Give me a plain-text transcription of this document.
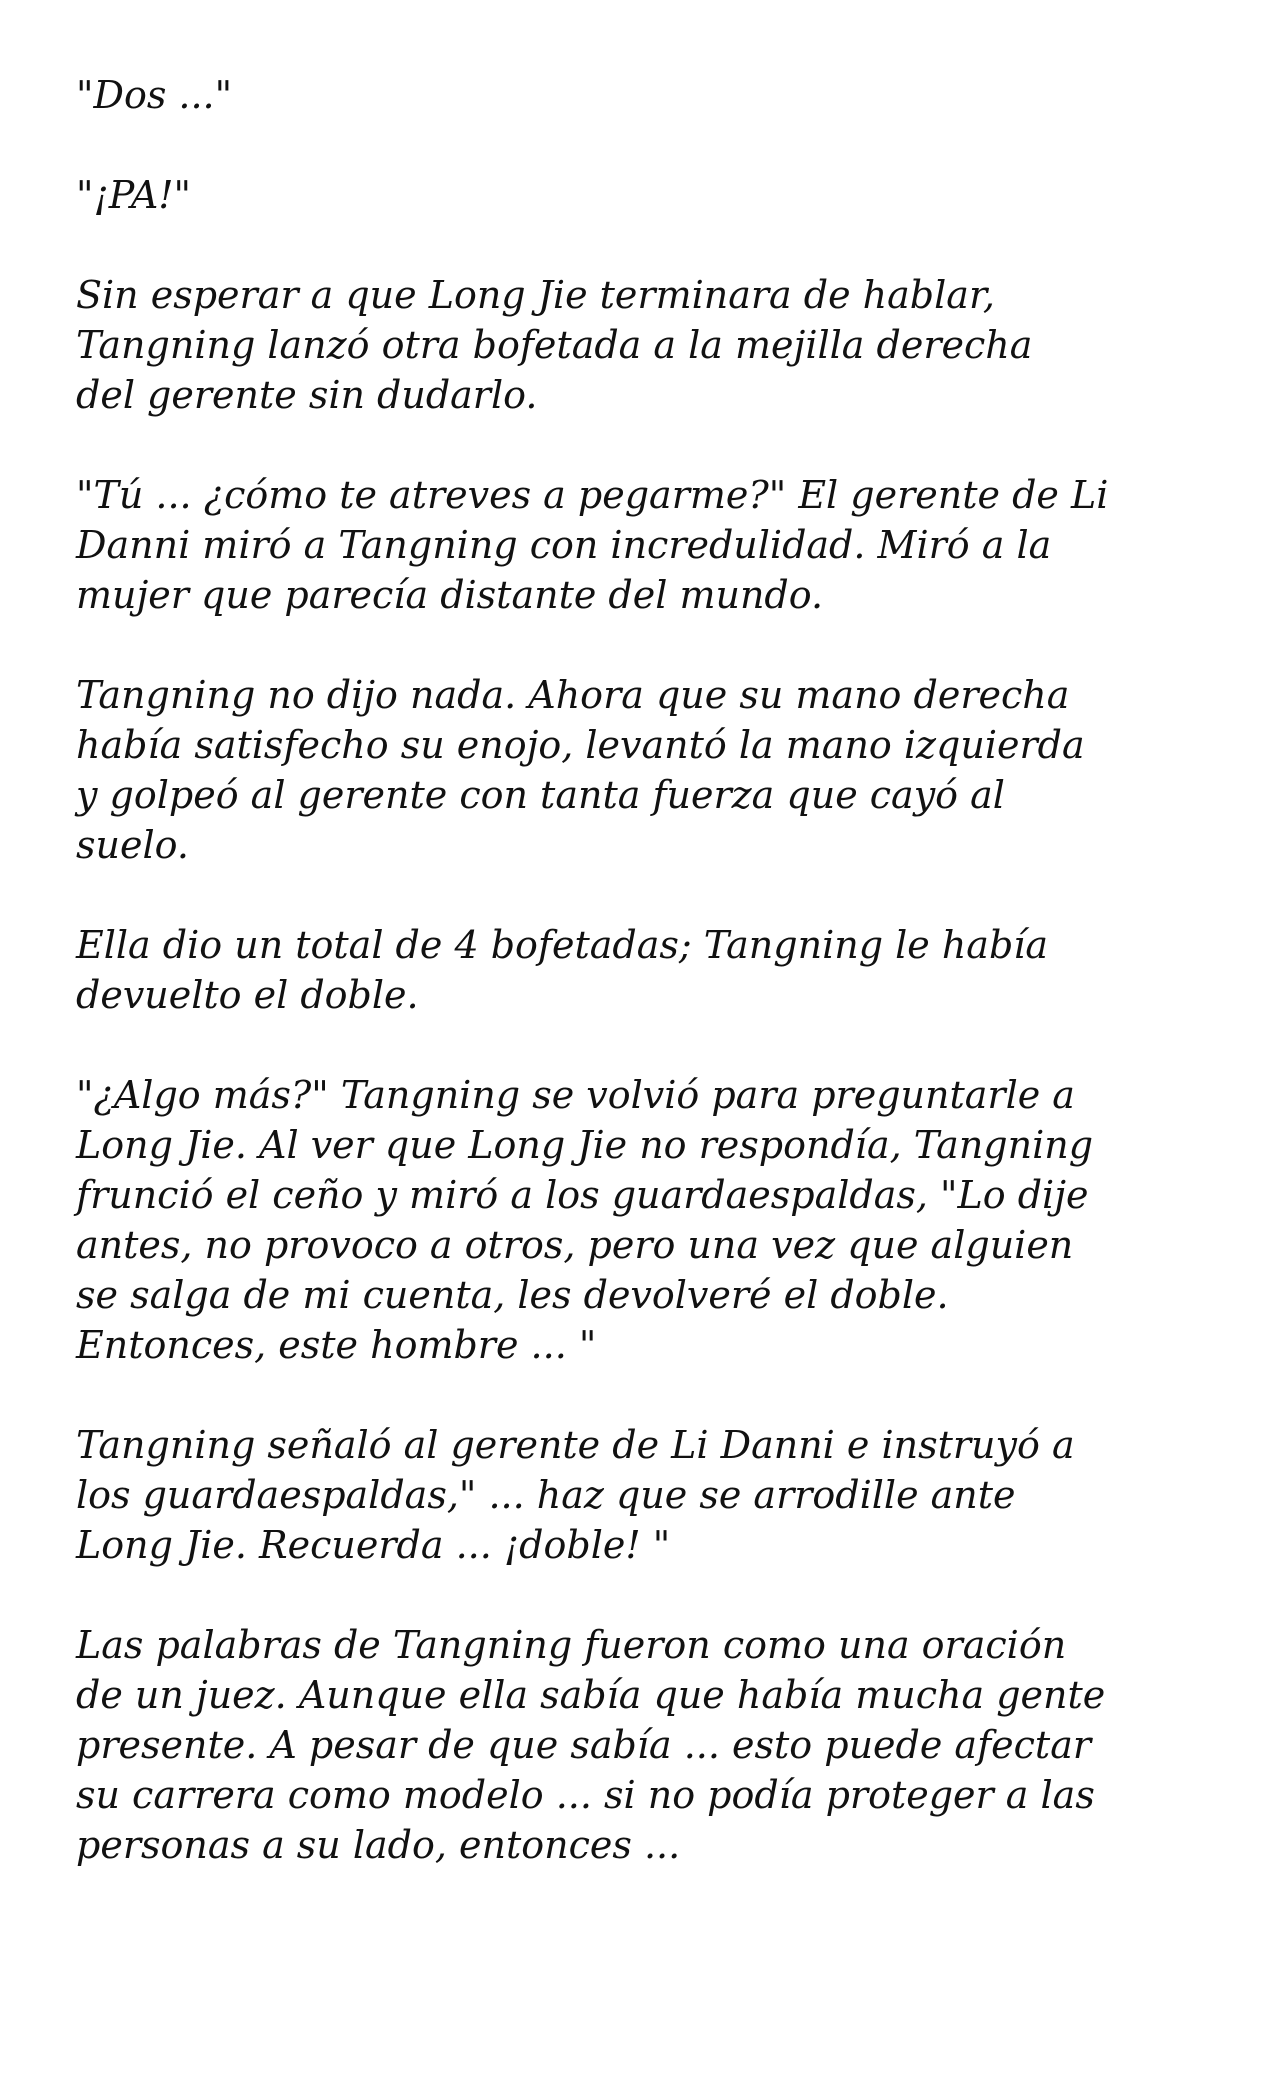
"Dos ..."

"¡PA!"

Sin esperar a que Long Jie terminara de hablar,
Tangning lanzó otra bofetada a la mejilla derecha
del gerente sin dudarlo.

"Tú ... ¿cómo te atreves a pegarme?" El gerente de Li
Danni miró a Tangning con incredulidad. Miró a la
mujer que parecía distante del mundo.

Tangning no dijo nada. Ahora que su mano derecha
había satisfecho su enojo, levantó la mano izquierda
y golpeó al gerente con tanta fuerza que cayó al
suelo.

Ella dio un total de 4 bofetadas; Tangning le había
devuelto el doble.

"¿Algo más?" Tangning se volvió para preguntarle a
Long Jie. Al ver que Long Jie no respondía, Tangning
frunció el ceño y miró a los guardaespaldas, "Lo dije
antes, no provoco a otros, pero una vez que alguien
se salga de mi cuenta, les devolveré el doble.
Entonces, este hombre ... "

Tangning señaló al gerente de Li Danni e instruyó a
los guardaespaldas," ... haz que se arrodille ante
Long Jie. Recuerda ... ¡doble! "

Las palabras de Tangning fueron como una oración
de un juez. Aunque ella sabía que había mucha gente
presente. A pesar de que sabía ... esto puede afectar
su carrera como modelo ... si no podía proteger a las
personas a su lado, entonces ...
